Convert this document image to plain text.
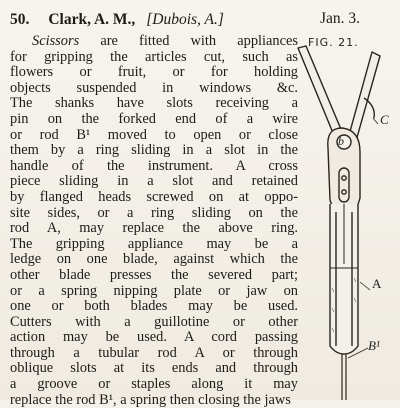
50. Clark, A. M., [Dubois, A.]	Jan. 3.
Scissors are fitted with appliances
for gripping the articles cut, such as
flowers or fruit, or for holding
objects suspended in windows &c.
The shanks have slots receiving a
pin on the forked end of a wire
or rod B¹ moved to open or close
them by a ring sliding in a slot in the
handle of the instrument. A cross
piece sliding in a slot and retained
by flanged heads screwed on at oppo-
site sides, or a ring sliding on the
rod A, may replace the above ring.
The gripping appliance may be a
ledge on one blade, against which the
other blade presses the severed part;
or a spring nipping plate or jaw on
one or both blades may be used.
Cutters with a guillotine or other
action may be used. A cord passing
through a tubular rod A or through
oblique slots at its ends and through
a groove or staples along it may
replace the rod B¹, a spring then closing the jaws
FIG. 21.
C
b
A
B¹
